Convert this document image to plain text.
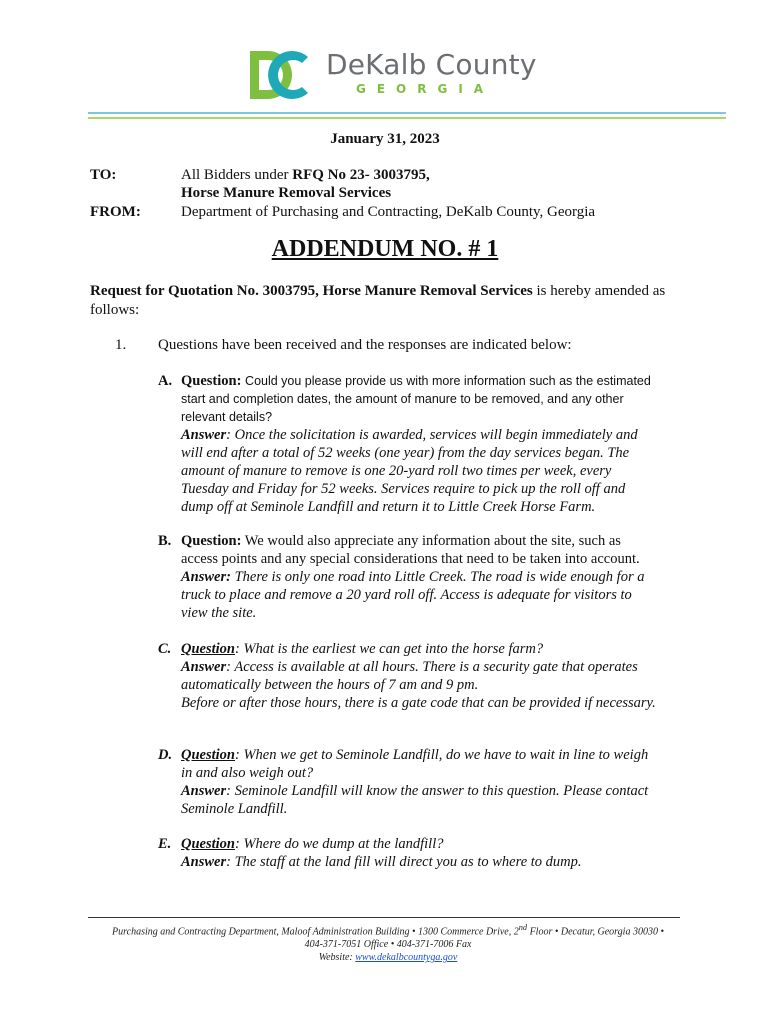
DeKalb County
GEORGIA
January 31, 2023
TO:	All Bidders under RFQ No 23- 3003795,
Horse Manure Removal Services
FROM:	Department of Purchasing and Contracting, DeKalb County, Georgia
ADDENDUM NO. # 1
Request for Quotation No. 3003795, Horse Manure Removal Services is hereby amended as follows:
1. Questions have been received and the responses are indicated below:
A. Question: Could you please provide us with more information such as the estimated
start and completion dates, the amount of manure to be removed, and any other
relevant details?
Answer: Once the solicitation is awarded, services will begin immediately and
will end after a total of 52 weeks (one year) from the day services began. The
amount of manure to remove is one 20-yard roll two times per week, every
Tuesday and Friday for 52 weeks. Services require to pick up the roll off and
dump off at Seminole Landfill and return it to Little Creek Horse Farm.
B. Question: We would also appreciate any information about the site, such as
access points and any special considerations that need to be taken into account.
Answer: There is only one road into Little Creek. The road is wide enough for a
truck to place and remove a 20 yard roll off. Access is adequate for visitors to
view the site.
C. Question: What is the earliest we can get into the horse farm?
Answer: Access is available at all hours. There is a security gate that operates
automatically between the hours of 7 am and 9 pm.
Before or after those hours, there is a gate code that can be provided if necessary.
D. Question: When we get to Seminole Landfill, do we have to wait in line to weigh
in and also weigh out?
Answer: Seminole Landfill will know the answer to this question. Please contact
Seminole Landfill.
E. Question: Where do we dump at the landfill?
Answer: The staff at the land fill will direct you as to where to dump.
Purchasing and Contracting Department, Maloof Administration Building • 1300 Commerce Drive, 2nd Floor • Decatur, Georgia 30030 •
404-371-7051 Office • 404-371-7006 Fax
Website: www.dekalbcountyga.gov
